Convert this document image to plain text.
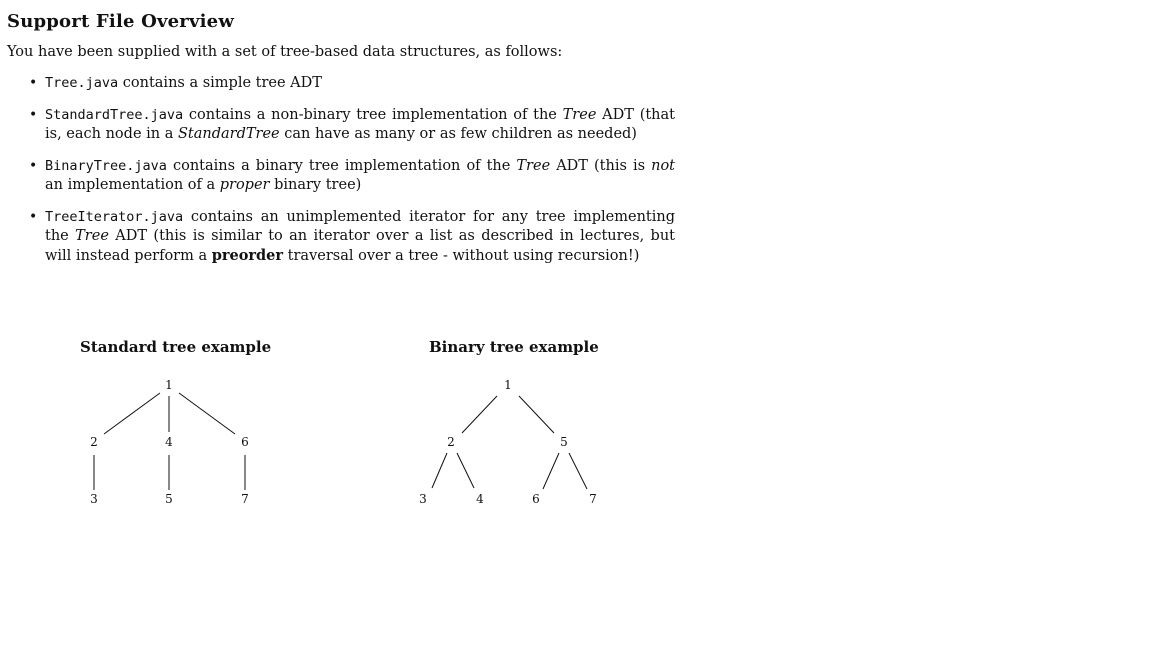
Support File Overview

You have been supplied with a set of tree-based data structures, as follows:

• Tree.java contains a simple tree ADT
• StandardTree.java contains a non-binary tree implementation of the Tree ADT (that is, each node in a StandardTree can have as many or as few children as needed)
• BinaryTree.java contains a binary tree implementation of the Tree ADT (this is not an implementation of a proper binary tree)
• TreeIterator.java contains an unimplemented iterator for any tree implementing the Tree ADT (this is similar to an iterator over a list as described in lectures, but will instead perform a preorder traversal over a tree - without using recursion!)
Standard tree example	Binary tree example
1
2	4	6
3	5	7
1
2	5
3	4	6	7
